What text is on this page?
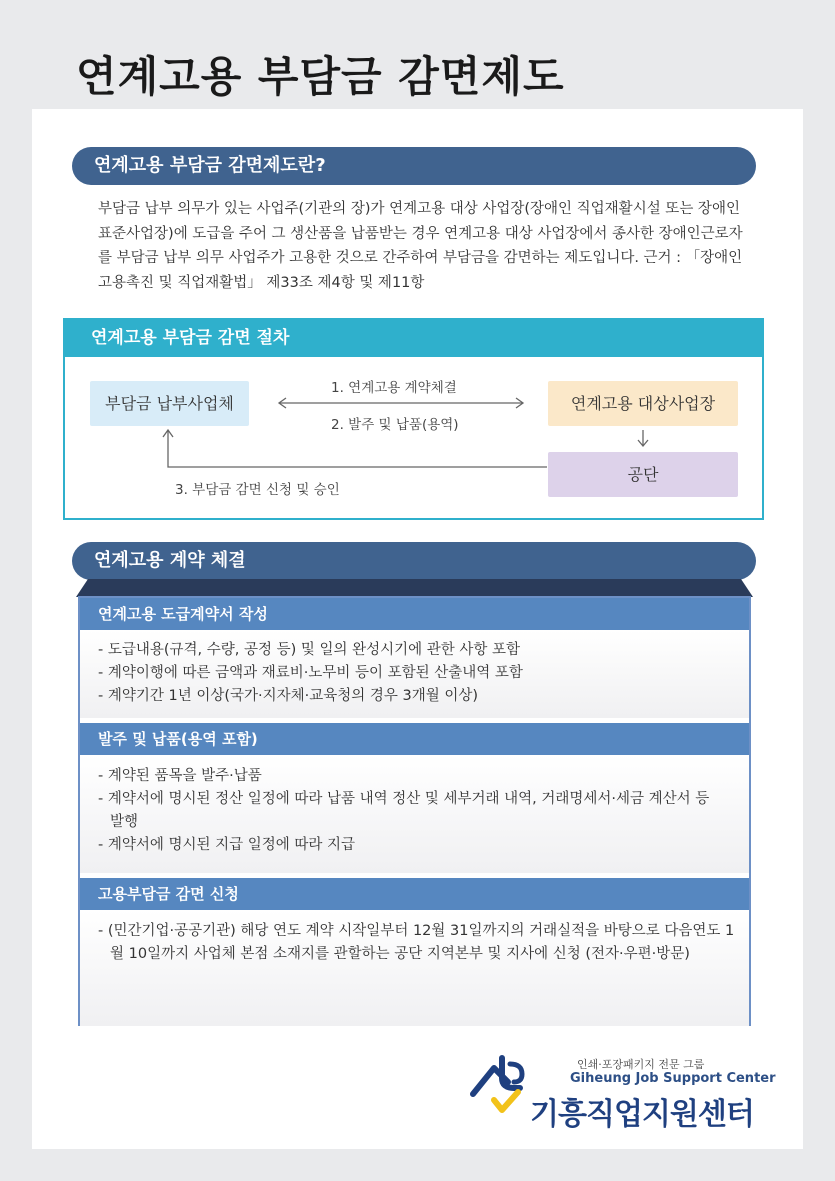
연계고용 부담금 감면제도
연계고용 부담금 감면제도란?

부담금 납부 의무가 있는 사업주(기관의 장)가 연계고용 대상 사업장(장애인 직업재활시설 또는 장애인표준사업장)에 도급을 주어 그 생산품을 납품받는 경우 연계고용 대상 사업장에서 종사한 장애인근로자를 부담금 납부 의무 사업주가 고용한 것으로 간주하여 부담금을 감면하는 제도입니다. 근거 : 「장애인고용촉진 및 직업재활법」 제33조 제4항 및 제11항

연계고용 부담금 감면 절차
부담금 납부사업체	연계고용 대상사업장
공단
1. 연계고용 계약체결
2. 발주 및 납품(용역)
3. 부담금 감면 신청 및 승인
연계고용 계약 체결
연계고용 도급계약서 작성
- 도급내용(규격, 수량, 공정 등) 및 일의 완성시기에 관한 사항 포함
- 계약이행에 따른 금액과 재료비·노무비 등이 포함된 산출내역 포함
- 계약기간 1년 이상(국가·지자체·교육청의 경우 3개월 이상)
발주 및 납품(용역 포함)
- 계약된 품목을 발주·납품
- 계약서에 명시된 정산 일정에 따라 납품 내역 정산 및 세부거래 내역, 거래명세서·세금 계산서 등 발행
- 계약서에 명시된 지급 일정에 따라 지급
고용부담금 감면 신청
- (민간기업·공공기관) 해당 연도 계약 시작일부터 12월 31일까지의 거래실적을 바탕으로 다음연도 1월 10일까지 사업체 본점 소재지를 관할하는 공단 지역본부 및 지사에 신청 (전자·우편·방문)
인쇄·포장패키지 전문 그룹
Giheung Job Support Center
기흥직업지원센터
